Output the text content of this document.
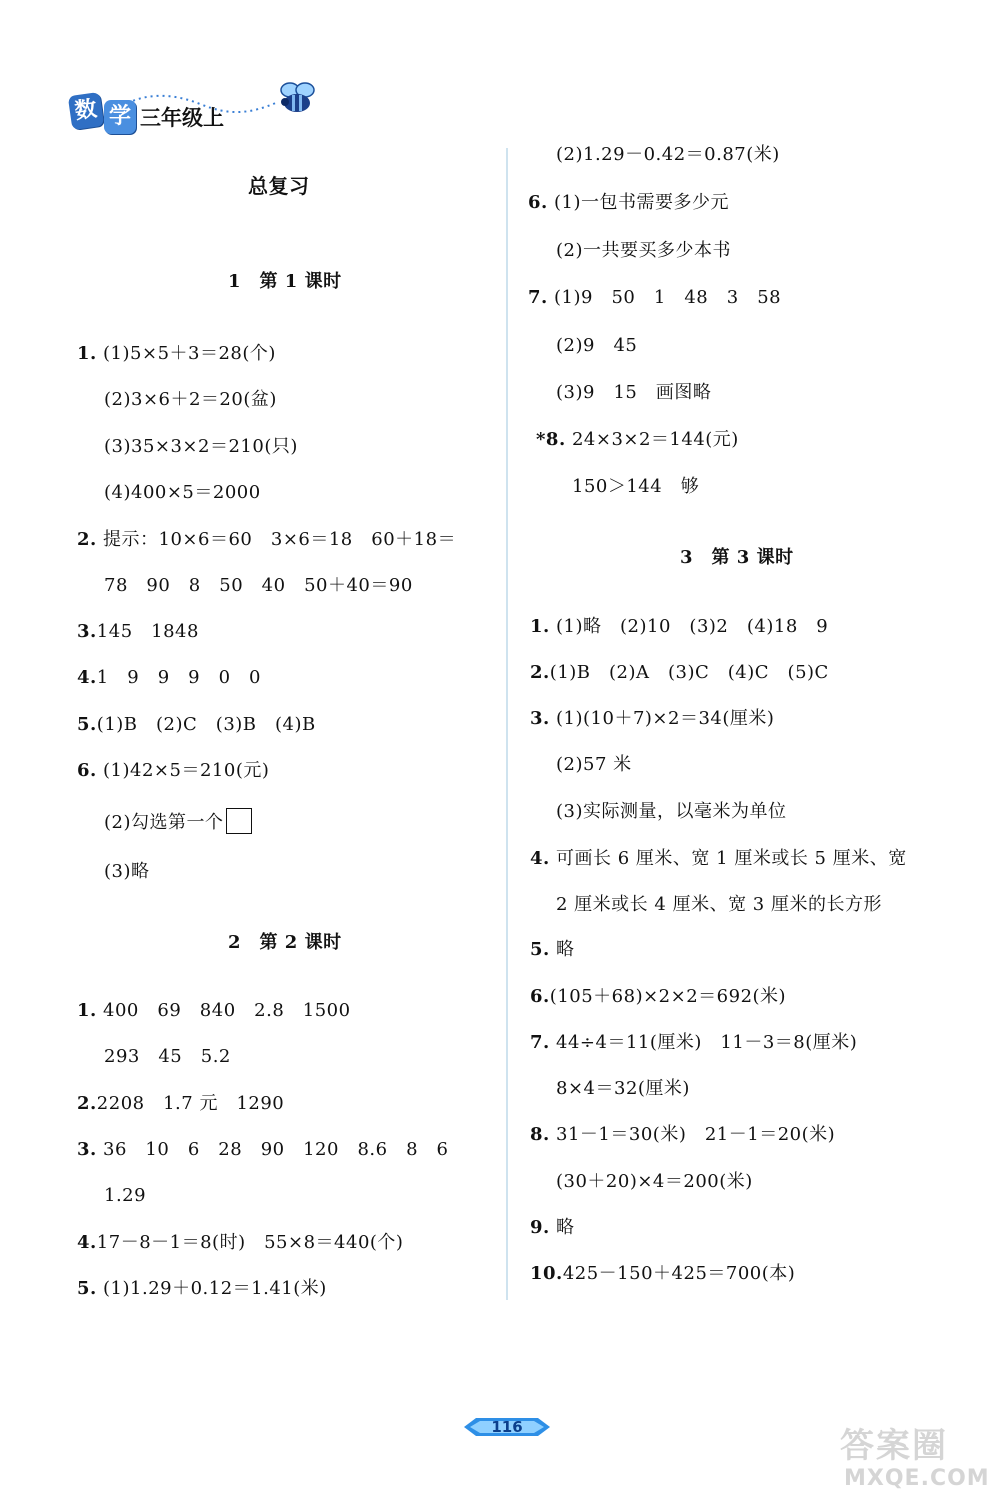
数 学 三年级上
总复习
1　第 1 课时
1. (1)5×5＋3＝28(个)
(2)3×6＋2＝20(盆)
(3)35×3×2＝210(只)
(4)400×5＝2000
2. 提示：10×6＝60　3×6＝18　60＋18＝
78　90　8　50　40　50＋40＝90
3.145　1848
4.1　9　9　9　0　0
5.(1)B　(2)C　(3)B　(4)B
6. (1)42×5＝210(元)
(2)勾选第一个
(3)略
2　第 2 课时
1. 400　69　840　2.8　1500
293　45　5.2
2.2208　1.7 元　1290
3. 36　10　6　28　90　120　8.6　8　6
1.29
4.17－8－1＝8(时)　55×8＝440(个)
5. (1)1.29＋0.12＝1.41(米)
(2)1.29－0.42＝0.87(米)
6. (1)一包书需要多少元
(2)一共要买多少本书
7. (1)9　50　1　48　3　58
(2)9　45
(3)9　15　画图略
*8. 24×3×2＝144(元)
150＞144　够
3　第 3 课时
1. (1)略　(2)10　(3)2　(4)18　9
2.(1)B　(2)A　(3)C　(4)C　(5)C
3. (1)(10＋7)×2＝34(厘米)
(2)57 米
(3)实际测量，以毫米为单位
4. 可画长 6 厘米、宽 1 厘米或长 5 厘米、宽
2 厘米或长 4 厘米、宽 3 厘米的长方形
5. 略
6.(105＋68)×2×2＝692(米)
7. 44÷4＝11(厘米)　11－3＝8(厘米)
8×4＝32(厘米)
8. 31－1＝30(米)　21－1＝20(米)
(30＋20)×4＝200(米)
9. 略
10.425－150＋425＝700(本)
116	答案圈
MXQE.COM
